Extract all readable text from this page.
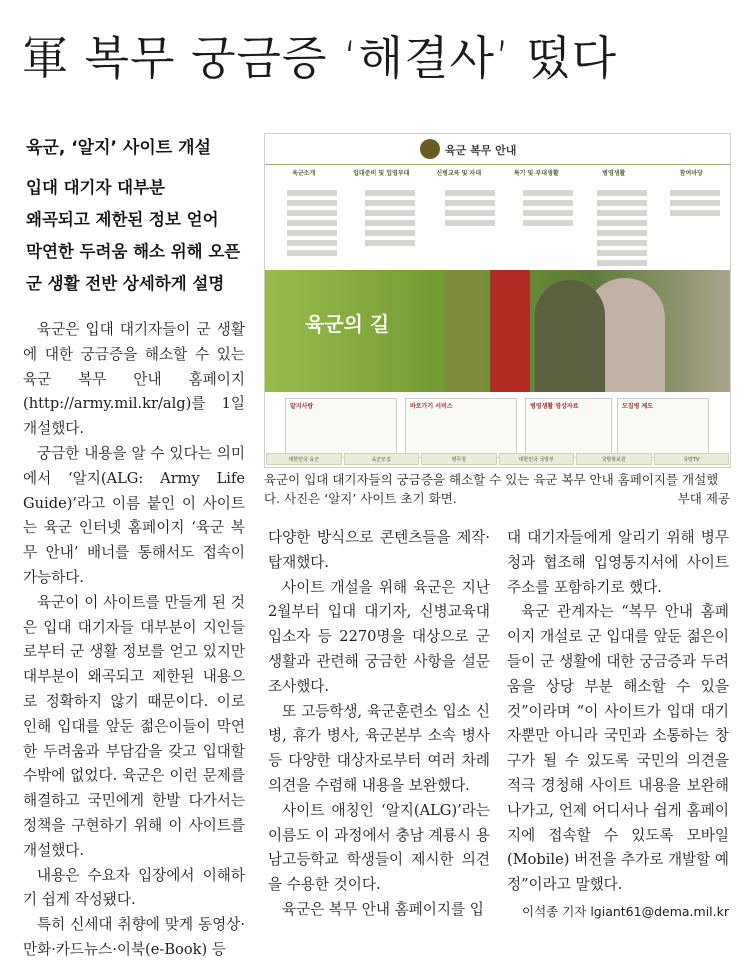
軍 복무 궁금증 ‘해결사’ 떴다
육군, ‘알지’ 사이트 개설
입대 대기자 대부분
왜곡되고 제한된 정보 얻어
막연한 두려움 해소 위해 오픈
군 생활 전반 상세하게 설명
육군 복무 안내
육군소개	입대준비 및 입영부대	신병교육 및 자대	특기 및 부대생활	병영생활	참여마당
육군의 길
알지사랑	바로가기 서비스	병영생활 영상자료	모집병 제도
대한민국 육군	육군모집	병무청	대한민국 국방부	국방홍보원	국방TV
육군이 입대 대기자들의 궁금증을 해소할 수 있는 육군 복무 안내 홈페이지를 개설했다. 사진은 ‘알지’ 사이트 초기 화면.	부대 제공

육군은 입대 대기자들이 군 생활에 대한 궁금증을 해소할 수 있는 육군 복무 안내 홈페이지(http://army.mil.kr/alg)를 1일 개설했다.

궁금한 내용을 알 수 있다는 의미에서 ‘알지(ALG: Army Life Guide)’라고 이름 붙인 이 사이트는 육군 인터넷 홈페이지 ‘육군 복무 안내’ 배너를 통해서도 접속이 가능하다.

육군이 이 사이트를 만들게 된 것은 입대 대기자들 대부분이 지인들로부터 군 생활 정보를 얻고 있지만 대부분이 왜곡되고 제한된 내용으로 정확하지 않기 때문이다. 이로 인해 입대를 앞둔 젊은이들이 막연한 두려움과 부담감을 갖고 입대할 수밖에 없었다. 육군은 이런 문제를 해결하고 국민에게 한발 다가서는 정책을 구현하기 위해 이 사이트를 개설했다.

내용은 수요자 입장에서 이해하기 쉽게 작성됐다.

특히 신세대 취향에 맞게 동영상·만화·카드뉴스·이북(e-Book) 등

다양한 방식으로 콘텐츠들을 제작·탑재했다.

사이트 개설을 위해 육군은 지난 2월부터 입대 대기자, 신병교육대 입소자 등 2270명을 대상으로 군 생활과 관련해 궁금한 사항을 설문 조사했다.

또 고등학생, 육군훈련소 입소 신병, 휴가 병사, 육군본부 소속 병사 등 다양한 대상자로부터 여러 차례 의견을 수렴해 내용을 보완했다.

사이트 애칭인 ‘알지(ALG)’라는 이름도 이 과정에서 충남 계룡시 용남고등학교 학생들이 제시한 의견을 수용한 것이다.

육군은 복무 안내 홈페이지를 입

대 대기자들에게 알리기 위해 병무청과 협조해 입영통지서에 사이트 주소를 포함하기로 했다.

육군 관계자는 “복무 안내 홈페이지 개설로 군 입대를 앞둔 젊은이들이 군 생활에 대한 궁금증과 두려움을 상당 부분 해소할 수 있을 것”이라며 “이 사이트가 입대 대기자뿐만 아니라 국민과 소통하는 창구가 될 수 있도록 국민의 의견을 적극 경청해 사이트 내용을 보완해 나가고, 언제 어디서나 쉽게 홈페이지에 접속할 수 있도록 모바일(Mobile) 버전을 추가로 개발할 예정”이라고 말했다.

이석종 기자 lgiant61@dema.mil.kr
